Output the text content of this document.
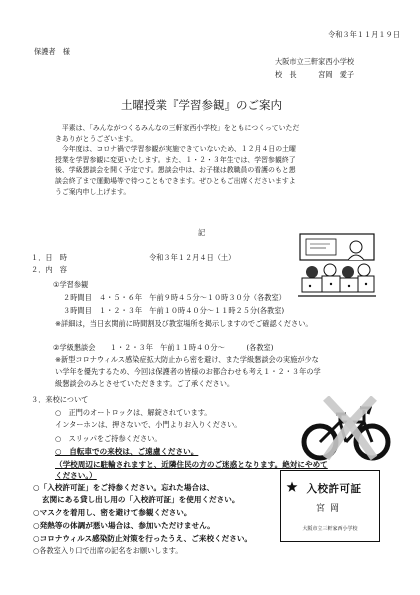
令和３年１１月１９日
保護者　様
大阪市立三軒家西小学校
校　長　　　宮岡　愛子
土曜授業『学習参観』のご案内
　平素は、「みんながつくるみんなの三軒家西小学校」をともにつくっていただ
きありがとうございます。
　今年度は、コロナ禍で学習参観が実施できていないため、１２月４日の土曜
授業を学習参観に変更いたします。また、１・２・３年生では、学習参観終了
後、学級懇談会を開く予定です。懇談会中は、お子様は教職員の看護のもと懇
談会終了まで運動場等で待つこともできます。ぜひともご出席くださいますよ
うご案内申し上げます。
記
１．日　時	令和３年１２月４日（土）
２．内　容
①学習参観
２時間目　４・５・６年　午前９時４５分～１０時３０分（各教室）
３時間目　１・２・３年　午前１０時４０分～１１時２５分(各教室)
※詳細は，当日玄関前に時間割及び教室場所を掲示しますのでご確認ください。
②学級懇談会　　１・２・３年　午前１１時４０分～　　　(各教室)
※新型コロナウィルス感染症拡大防止から密を避け、また学級懇談会の実施が少な
い学年を優先するため、今回は保護者の皆様のお都合わせも考え１・２・３年の学
級懇談会のみとさせていただきます。ご了承ください。
３．来校について
○　正門のオートロックは、解錠されています。
インターホンは、押さないで、小門よりお入りください。
○　スリッパをご持参ください。
○　自転車での来校は、ご遠慮ください。
（学校周辺に駐輪されますと、近隣住民の方のご迷惑となります。絶対にやめて
ください。）
○「入校許可証」をご持参ください。忘れた場合は、
玄関にある貸し出し用の「入校許可証」を使用ください。
○マスクを着用し、密を避けて参観ください。
○発熱等の体調が悪い場合は、参加いただけません。
○コロナウィルス感染防止対策を行ったうえ、ご来校ください。
○各教室入り口で出席の記名をお願いします。
入校許可証
宮岡
大阪市立三軒家西小学校
